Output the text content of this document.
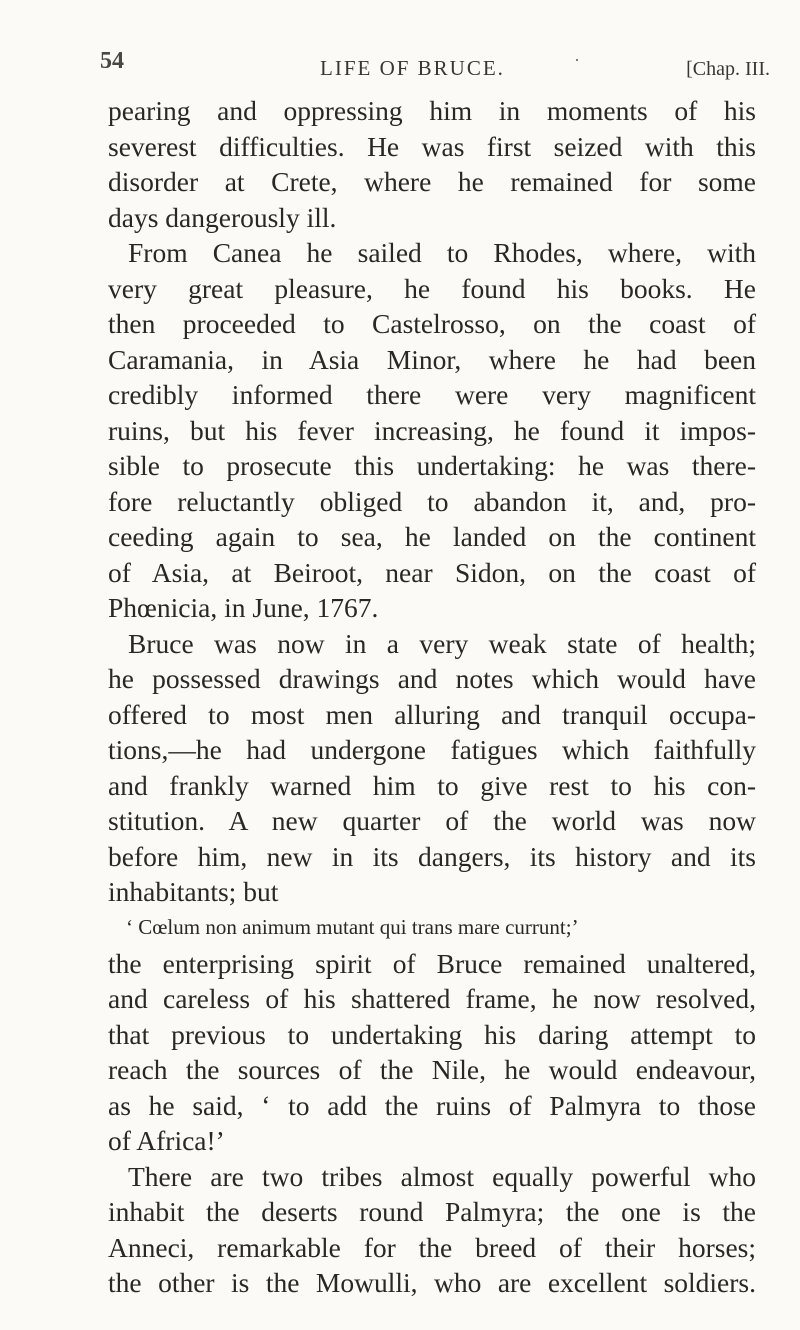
54	LIFE OF BRUCE.	·	[Chap. III.
pearing and oppressing him in moments of his
severest difficulties. He was first seized with this
disorder at Crete, where he remained for some
days dangerously ill.
From Canea he sailed to Rhodes, where, with
very great pleasure, he found his books. He
then proceeded to Castelrosso, on the coast of
Caramania, in Asia Minor, where he had been
credibly informed there were very magnificent
ruins, but his fever increasing, he found it impos-
sible to prosecute this undertaking: he was there-
fore reluctantly obliged to abandon it, and, pro-
ceeding again to sea, he landed on the continent
of Asia, at Beiroot, near Sidon, on the coast of
Phœnicia, in June, 1767.
Bruce was now in a very weak state of health;
he possessed drawings and notes which would have
offered to most men alluring and tranquil occupa-
tions,—he had undergone fatigues which faithfully
and frankly warned him to give rest to his con-
stitution. A new quarter of the world was now
before him, new in its dangers, its history and its
inhabitants; but
‘ Cœlum non animum mutant qui trans mare currunt;’
the enterprising spirit of Bruce remained unaltered,
and careless of his shattered frame, he now resolved,
that previous to undertaking his daring attempt to
reach the sources of the Nile, he would endeavour,
as he said, ‘ to add the ruins of Palmyra to those
of Africa!’
There are two tribes almost equally powerful who
inhabit the deserts round Palmyra; the one is the
Anneci, remarkable for the breed of their horses;
the other is the Mowulli, who are excellent soldiers.
